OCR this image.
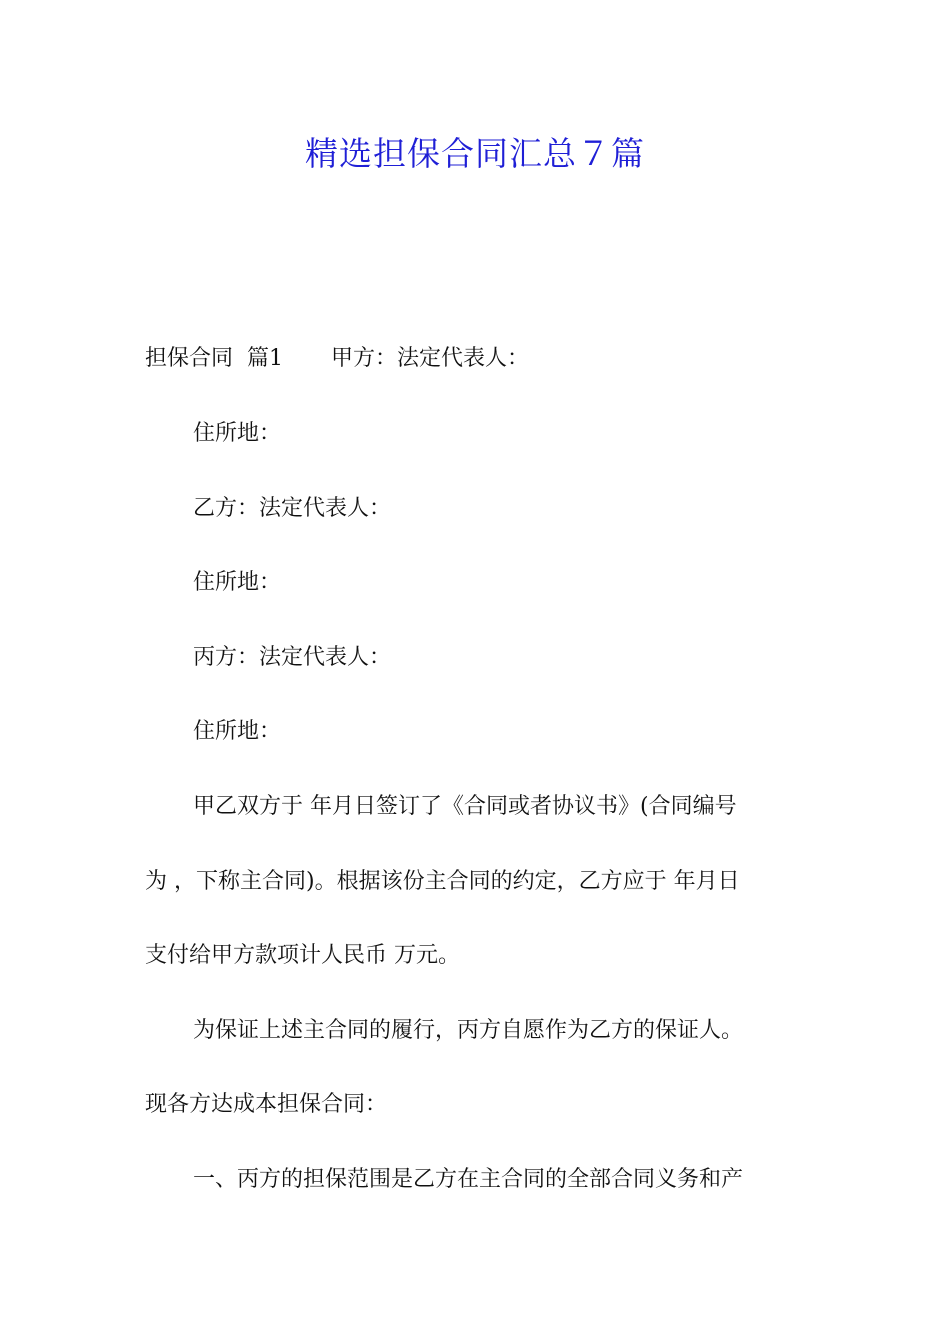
精选担保合同汇总７篇

担保合同 篇1 甲方：法定代表人：

住所地：

乙方：法定代表人：

住所地：

丙方：法定代表人：

住所地：

甲乙双方于 年月日签订了《合同或者协议书》(合同编号

为 ，下称主合同)。根据该份主合同的约定，乙方应于 年月日

支付给甲方款项计人民币 万元。

为保证上述主合同的履行，丙方自愿作为乙方的保证人。

现各方达成本担保合同：

一、丙方的担保范围是乙方在主合同的全部合同义务和产
